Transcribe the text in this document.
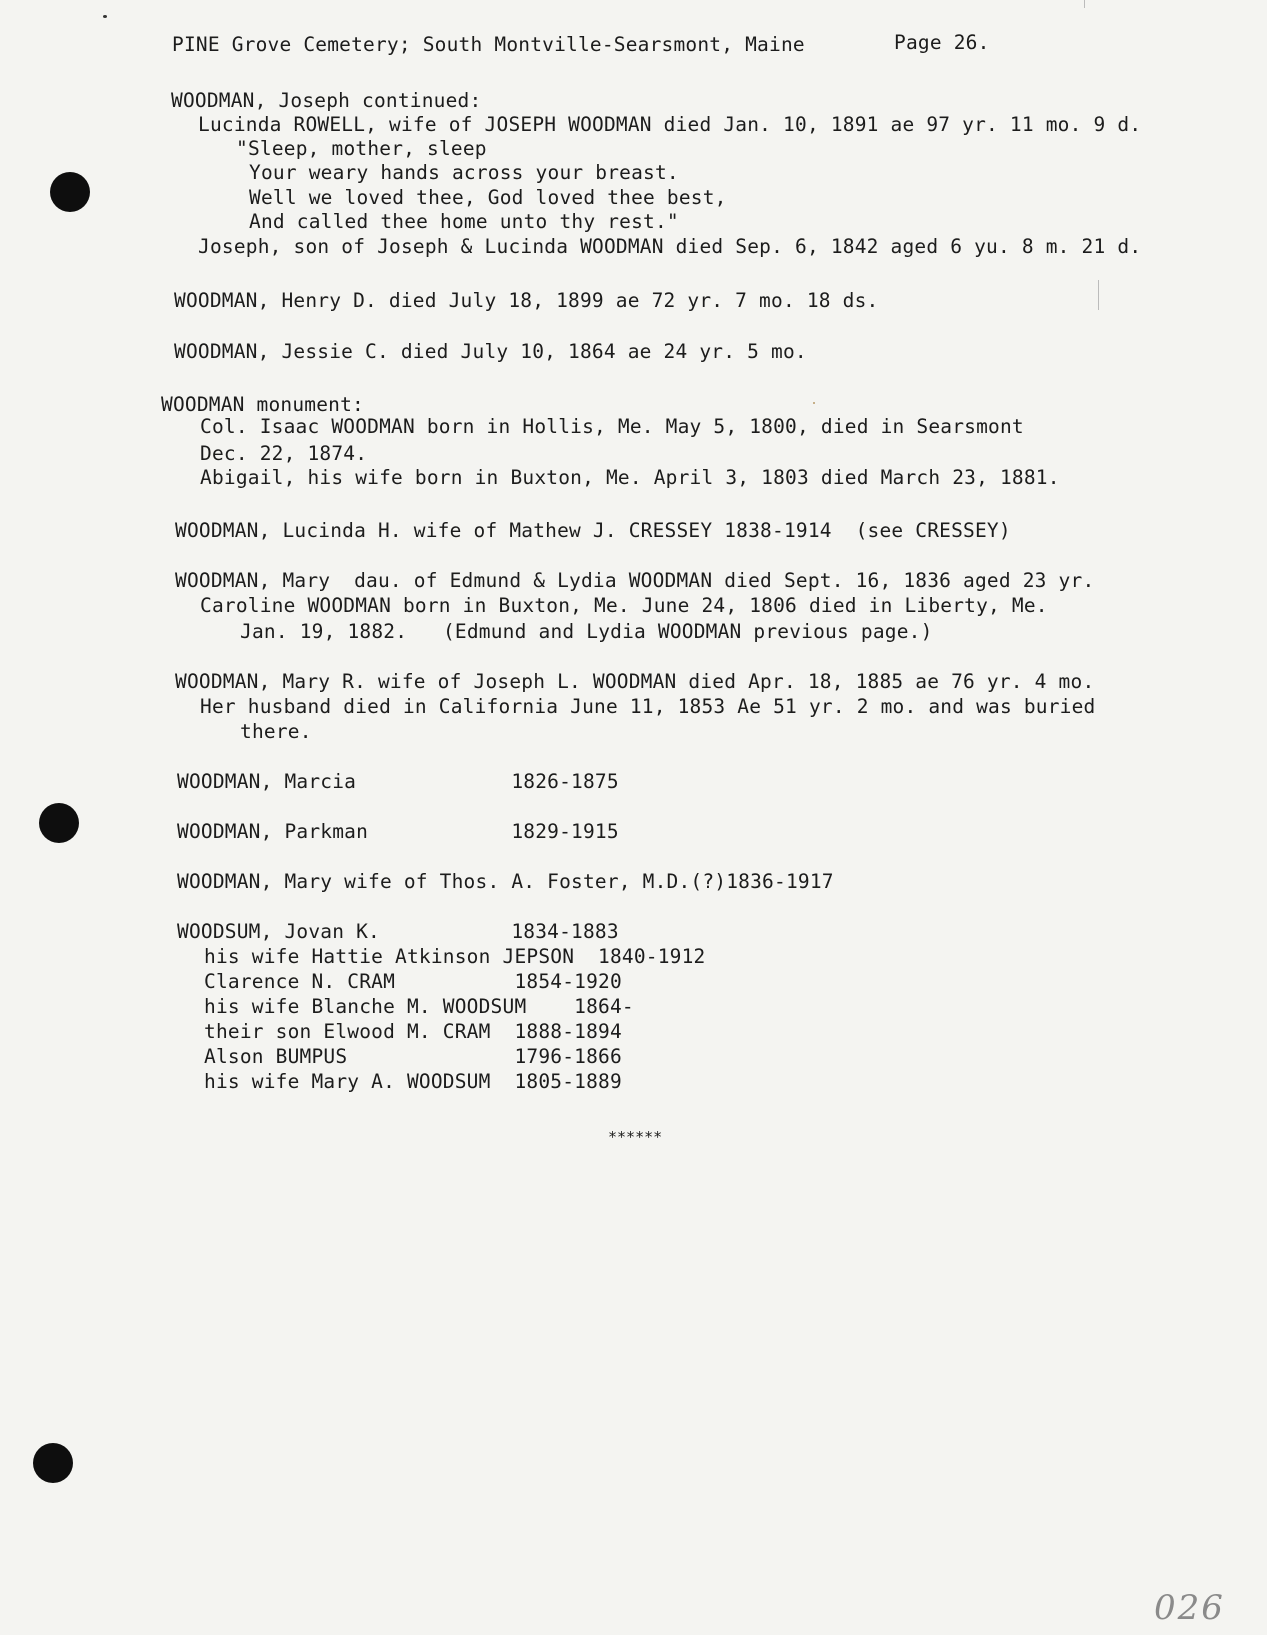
PINE Grove Cemetery; South Montville-Searsmont, Maine	Page 26.
WOODMAN, Joseph continued:
Lucinda ROWELL, wife of JOSEPH WOODMAN died Jan. 10, 1891 ae 97 yr. 11 mo. 9 d.
"Sleep, mother, sleep
Your weary hands across your breast.
Well we loved thee, God loved thee best,
And called thee home unto thy rest."
Joseph, son of Joseph & Lucinda WOODMAN died Sep. 6, 1842 aged 6 yu. 8 m. 21 d.
WOODMAN, Henry D. died July 18, 1899 ae 72 yr. 7 mo. 18 ds.
WOODMAN, Jessie C. died July 10, 1864 ae 24 yr. 5 mo.
WOODMAN monument:
Col. Isaac WOODMAN born in Hollis, Me. May 5, 1800, died in Searsmont
Dec. 22, 1874.
Abigail, his wife born in Buxton, Me. April 3, 1803 died March 23, 1881.
WOODMAN, Lucinda H. wife of Mathew J. CRESSEY 1838-1914  (see CRESSEY)
WOODMAN, Mary  dau. of Edmund & Lydia WOODMAN died Sept. 16, 1836 aged 23 yr.
Caroline WOODMAN born in Buxton, Me. June 24, 1806 died in Liberty, Me.
Jan. 19, 1882.   (Edmund and Lydia WOODMAN previous page.)
WOODMAN, Mary R. wife of Joseph L. WOODMAN died Apr. 18, 1885 ae 76 yr. 4 mo.
Her husband died in California June 11, 1853 Ae 51 yr. 2 mo. and was buried
there.
WOODMAN, Marcia             1826-1875
WOODMAN, Parkman            1829-1915
WOODMAN, Mary wife of Thos. A. Foster, M.D.(?)1836-1917
WOODSUM, Jovan K.           1834-1883
his wife Hattie Atkinson JEPSON  1840-1912
Clarence N. CRAM          1854-1920
his wife Blanche M. WOODSUM    1864-
their son Elwood M. CRAM  1888-1894
Alson BUMPUS              1796-1866
his wife Mary A. WOODSUM  1805-1889
******
026
